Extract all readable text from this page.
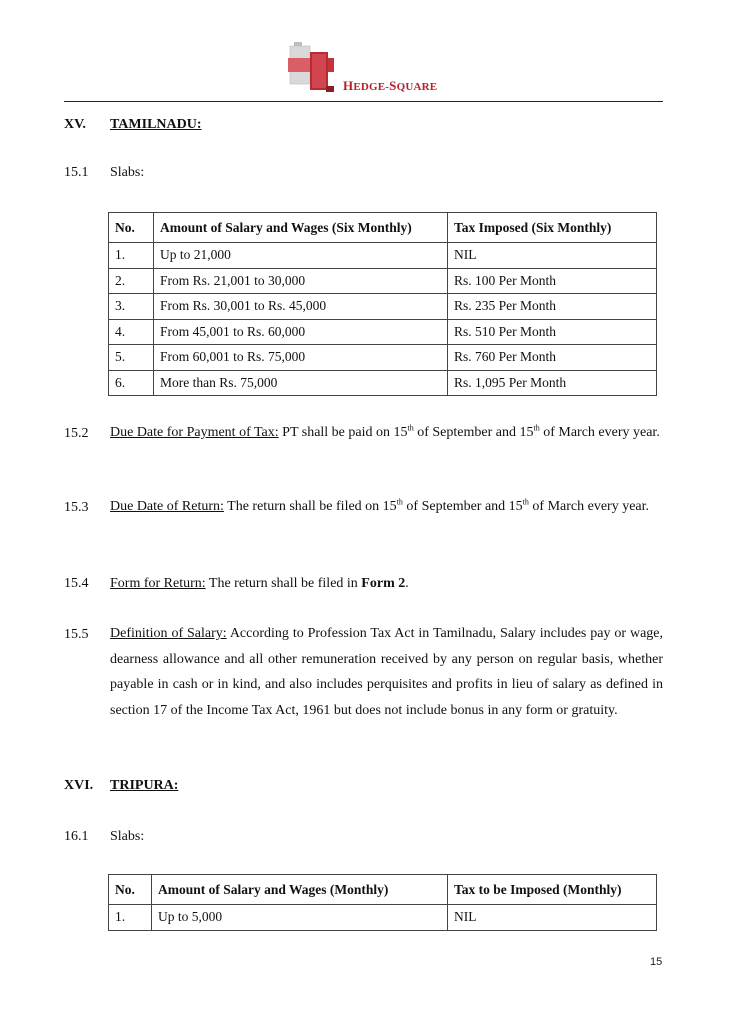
HEDGE-SQUARE
XV. TAMILNADU:
15.1 Slabs:
No.	Amount of Salary and Wages (Six Monthly)	Tax Imposed (Six Monthly)
1.	Up to 21,000	NIL
2.	From Rs. 21,001 to 30,000	Rs. 100 Per Month
3.	From Rs. 30,001 to Rs. 45,000	Rs. 235 Per Month
4.	From 45,001 to Rs. 60,000	Rs. 510 Per Month
5.	From 60,001 to Rs. 75,000	Rs. 760 Per Month
6.	More than Rs. 75,000	Rs. 1,095 Per Month
15.2 Due Date for Payment of Tax: PT shall be paid on 15th of September and 15th of March every year.
15.3 Due Date of Return: The return shall be filed on 15th of September and 15th of March every year.
15.4 Form for Return: The return shall be filed in Form 2.
15.5 Definition of Salary: According to Profession Tax Act in Tamilnadu, Salary includes pay or wage, dearness allowance and all other remuneration received by any person on regular basis, whether payable in cash or in kind, and also includes perquisites and profits in lieu of salary as defined in section 17 of the Income Tax Act, 1961 but does not include bonus in any form or gratuity.
XVI. TRIPURA:
16.1 Slabs:
No.	Amount of Salary and Wages (Monthly)	Tax to be Imposed (Monthly)
1.	Up to 5,000	NIL
15
